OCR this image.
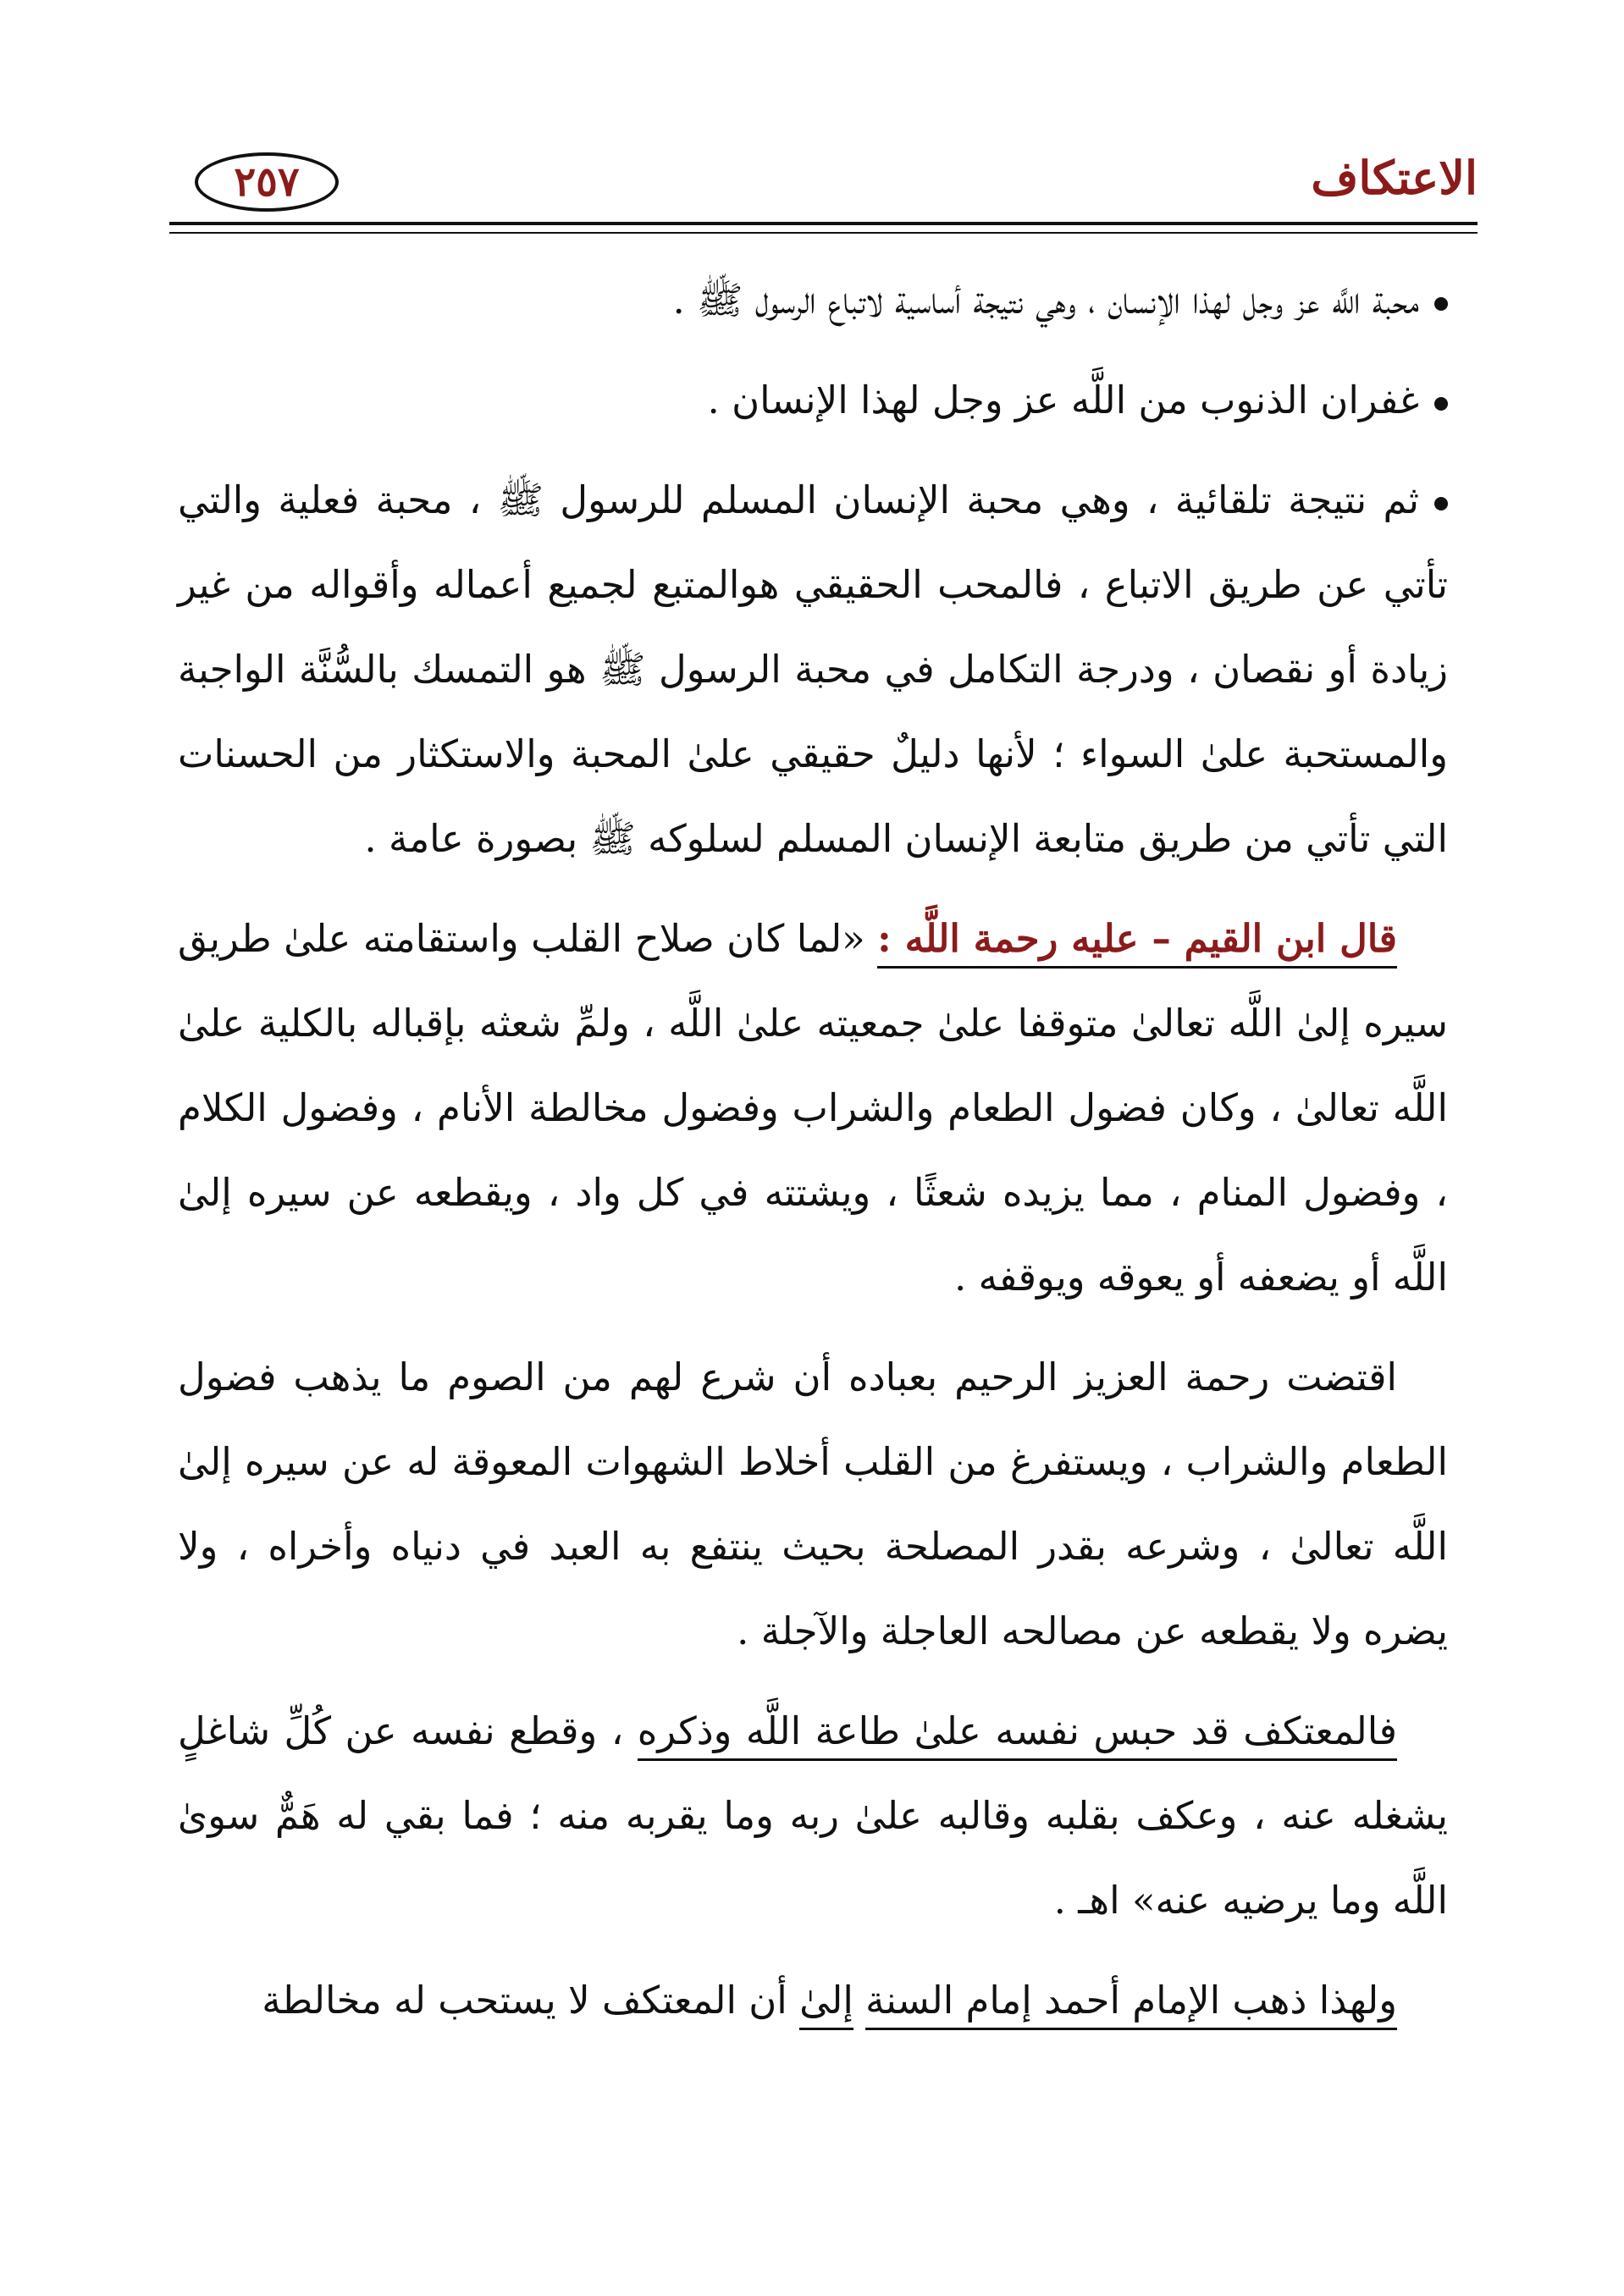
الاعتكاف
٢٥٧

محبة اللَّه عز وجل لهذا الإنسان ، وهي نتيجة أساسية لاتباع الرسول ﷺ .

غفران الذنوب من اللَّه عز وجل لهذا الإنسان .

ثم نتيجة تلقائية ، وهي محبة الإنسان المسلم للرسول ﷺ ، محبة فعلية والتي تأتي عن طريق الاتباع ، فالمحب الحقيقي هوالمتبع لجميع أعماله وأقواله من غير زيادة أو نقصان ، ودرجة التكامل في محبة الرسول ﷺ هو التمسك بالسُّنَّة الواجبة والمستحبة علىٰ السواء ؛ لأنها دليلٌ حقيقي علىٰ المحبة والاستكثار من الحسنات التي تأتي من طريق متابعة الإنسان المسلم لسلوكه ﷺ بصورة عامة .

قال ابن القيم – عليه رحمة اللَّه : «لما كان صلاح القلب واستقامته علىٰ طريق سيره إلىٰ اللَّه تعالىٰ متوقفا علىٰ جمعيته علىٰ اللَّه ، ولمِّ شعثه بإقباله بالكلية علىٰ اللَّه تعالىٰ ، وكان فضول الطعام والشراب وفضول مخالطة الأنام ، وفضول الكلام ، وفضول المنام ، مما يزيده شعثًا ، ويشتته في كل واد ، ويقطعه عن سيره إلىٰ اللَّه أو يضعفه أو يعوقه ويوقفه .

اقتضت رحمة العزيز الرحيم بعباده أن شرع لهم من الصوم ما يذهب فضول الطعام والشراب ، ويستفرغ من القلب أخلاط الشهوات المعوقة له عن سيره إلىٰ اللَّه تعالىٰ ، وشرعه بقدر المصلحة بحيث ينتفع به العبد في دنياه وأخراه ، ولا يضره ولا يقطعه عن مصالحه العاجلة والآجلة .

فالمعتكف قد حبس نفسه علىٰ طاعة اللَّه وذكره ، وقطع نفسه عن كُلِّ شاغلٍ يشغله عنه ، وعكف بقلبه وقالبه علىٰ ربه وما يقربه منه ؛ فما بقي له هَمٌّ سوىٰ اللَّه وما يرضيه عنه» اهـ .

ولهذا ذهب الإمام أحمد إمام السنة إلىٰ أن المعتكف لا يستحب له مخالطة
